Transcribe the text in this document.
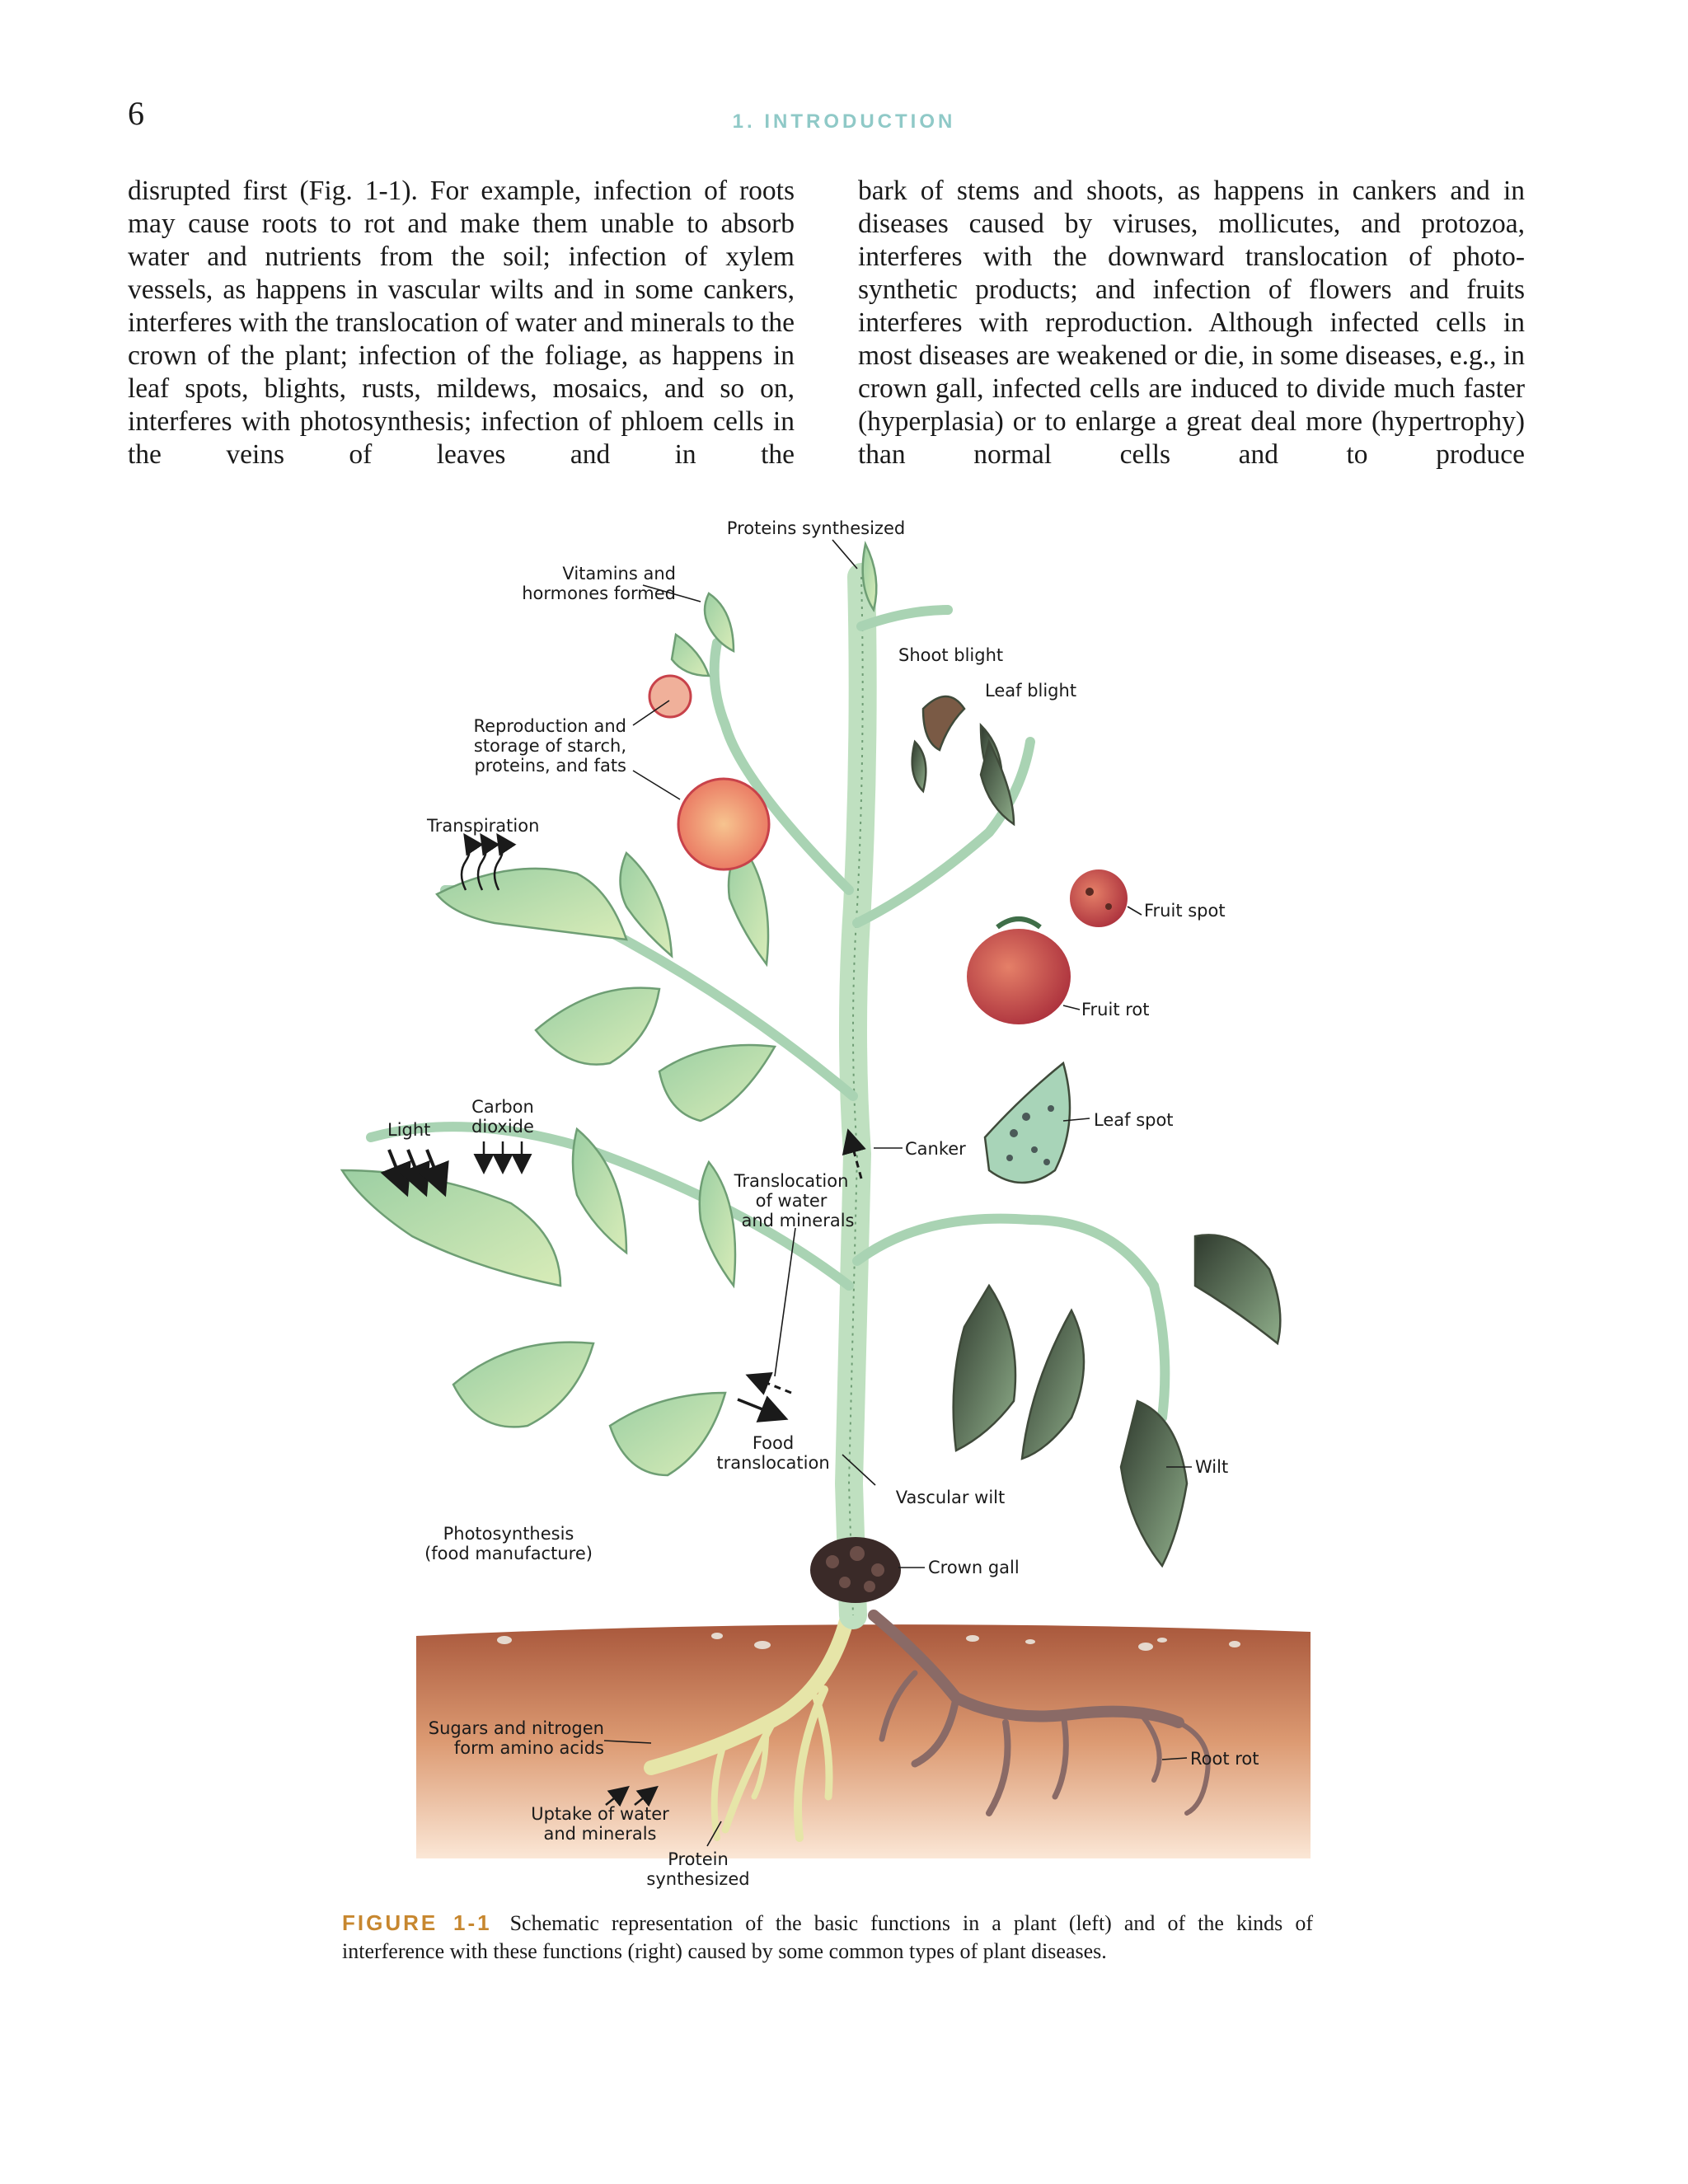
6	1. INTRODUCTION

disrupted first (Fig. 1-1). For example, infection of roots may cause roots to rot and make them unable to absorb water and nutrients from the soil; infection of xylem vessels, as happens in vascular wilts and in some cankers, interferes with the translocation of water and minerals to the crown of the plant; infection of the foliage, as happens in leaf spots, blights, rusts, mildews, mosaics, and so on, interferes with photosynthesis; infection of phloem cells in the veins of leaves and in the

bark of stems and shoots, as happens in cankers and in diseases caused by viruses, mollicutes, and protozoa, interferes with the downward translocation of photosynthetic products; and infection of flowers and fruits interferes with reproduction. Although infected cells in most diseases are weakened or die, in some diseases, e.g., in crown gall, infected cells are induced to divide much faster (hyperplasia) or to enlarge a great deal more (hypertrophy) than normal cells and to produce

Proteins synthesized
Vitamins and
hormones formed
Shoot blight
Leaf blight
Reproduction and
storage of starch,
proteins, and fats
Transpiration
Fruit spot
Fruit rot
Leaf spot
Carbon
dioxide
Light
Canker
Translocation
of water
and minerals
Food
translocation	Wilt
Vascular wilt
Photosynthesis
(food manufacture)
Crown gall
Sugars and nitrogen
form amino acids
Root rot
Uptake of water
and minerals
Protein
synthesized

FIGURE 1-1 Schematic representation of the basic functions in a plant (left) and of the kinds of interference with these functions (right) caused by some common types of plant diseases.
